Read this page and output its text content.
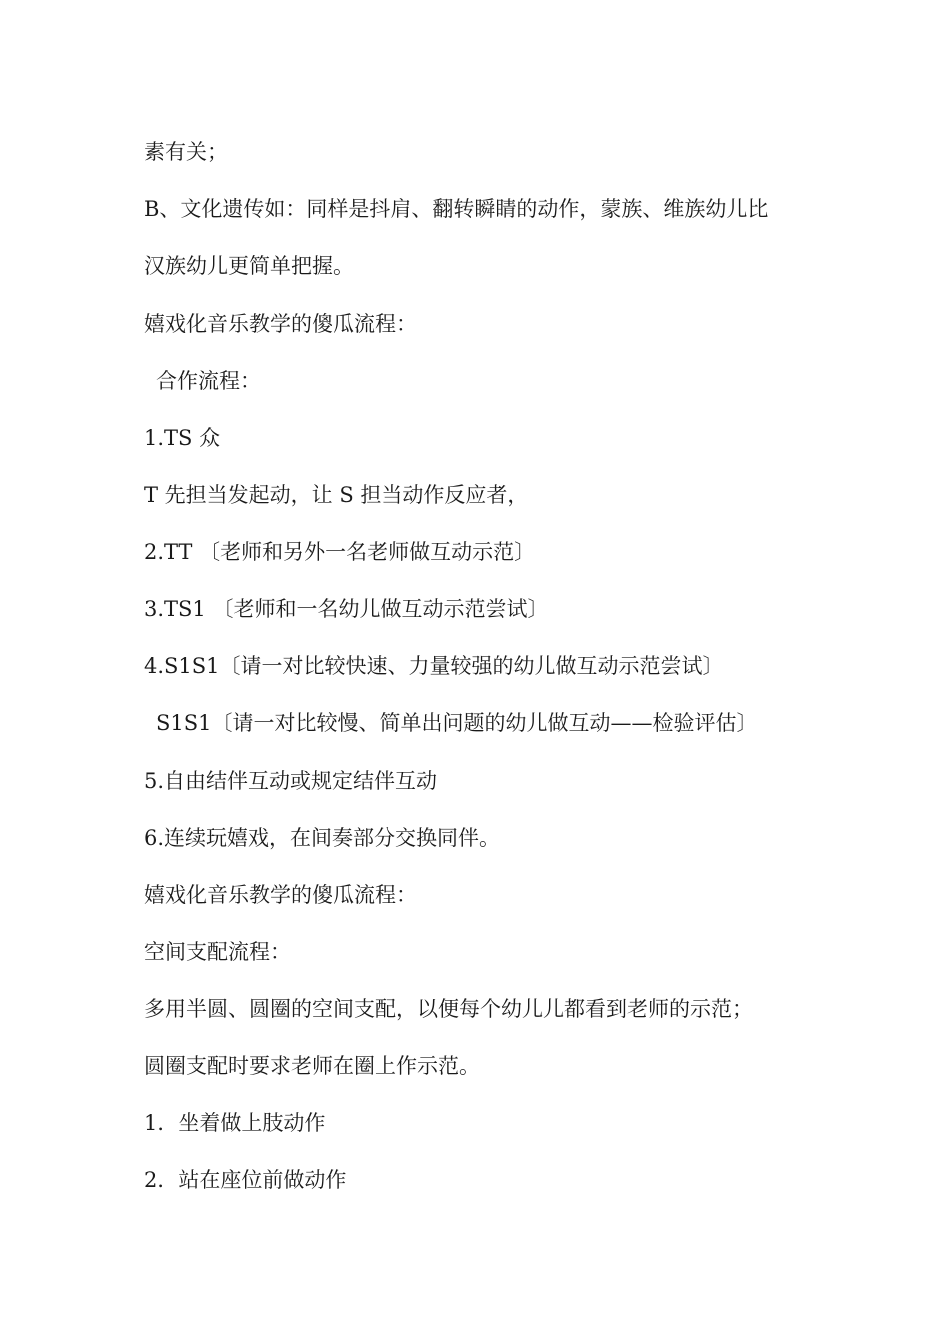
素有关；

B、文化遗传如：同样是抖肩、翻转瞬睛的动作，蒙族、维族幼儿比

汉族幼儿更简单把握。

嬉戏化音乐教学的傻瓜流程：

合作流程：

1.TS 众

T 先担当发起动，让 S 担当动作反应者，

2.TT 〔老师和另外一名老师做互动示范〕

3.TS1 〔老师和一名幼儿做互动示范尝试〕

4.S1S1〔请一对比较快速、力量较强的幼儿做互动示范尝试〕

S1S1〔请一对比较慢、简单出问题的幼儿做互动——检验评估〕

5.自由结伴互动或规定结伴互动

6.连续玩嬉戏，在间奏部分交换同伴。

嬉戏化音乐教学的傻瓜流程：

空间支配流程：

多用半圆、圆圈的空间支配，以便每个幼儿儿都看到老师的示范；

圆圈支配时要求老师在圈上作示范。

1．坐着做上肢动作

2．站在座位前做动作
